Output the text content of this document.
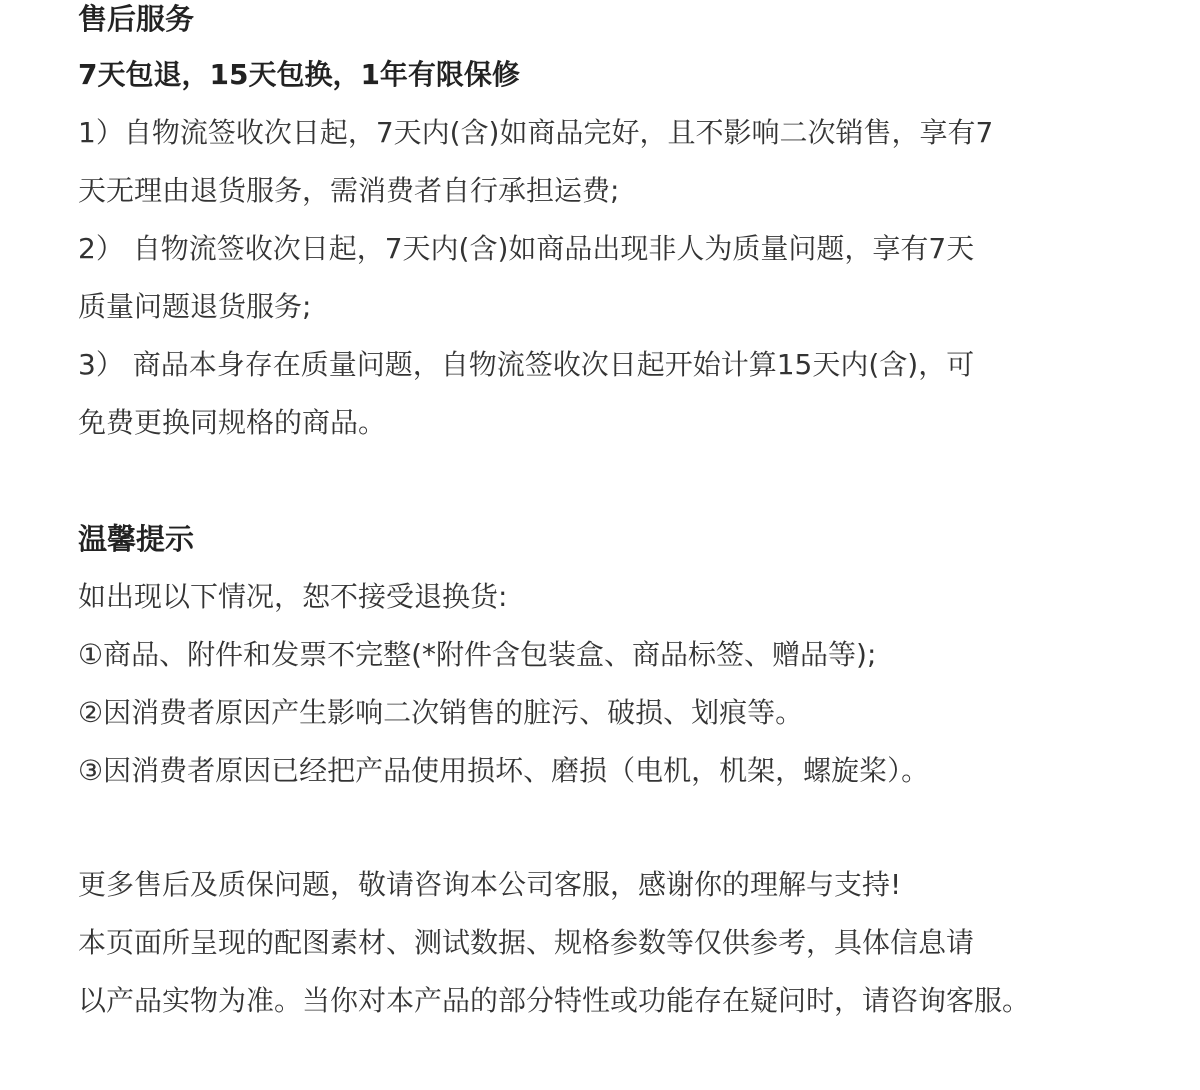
售后服务

7天包退，15天包换，1年有限保修

1）自物流签收次日起，7天内(含)如商品完好，且不影响二次销售，享有7

天无理由退货服务，需消费者自行承担运费;

2） 自物流签收次日起，7天内(含)如商品出现非人为质量问题，享有7天

质量问题退货服务;

3） 商品本身存在质量问题，自物流签收次日起开始计算15天内(含)，可

免费更换同规格的商品。

温馨提示

如出现以下情况，恕不接受退换货:

①商品、附件和发票不完整(*附件含包装盒、商品标签、赠品等);

②因消费者原因产生影响二次销售的脏污、破损、划痕等。

③因消费者原因已经把产品使用损坏、磨损（电机，机架，螺旋桨）。

更多售后及质保问题，敬请咨询本公司客服，感谢你的理解与支持!

本页面所呈现的配图素材、测试数据、规格参数等仅供参考，具体信息请

以产品实物为准。当你对本产品的部分特性或功能存在疑问时，请咨询客服。
